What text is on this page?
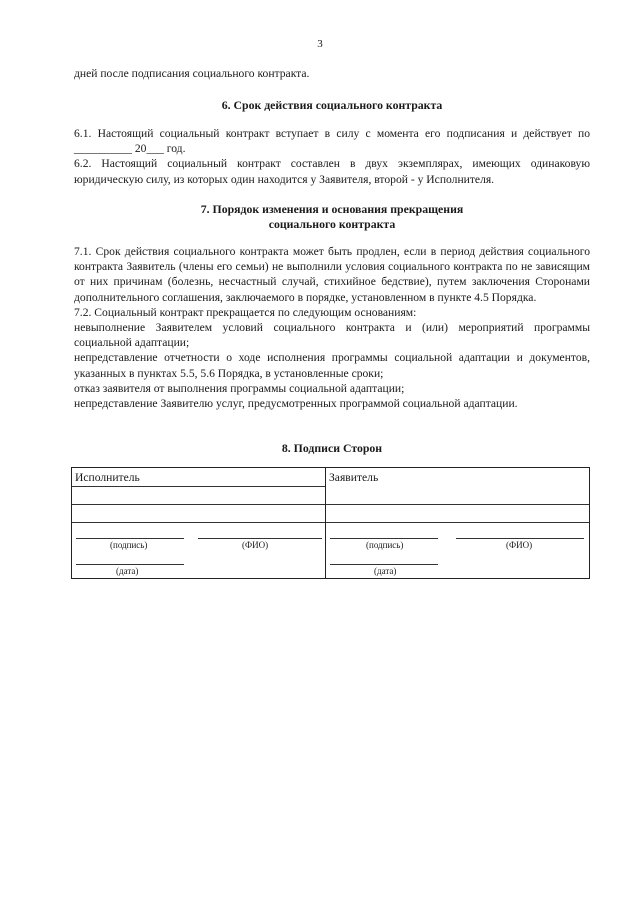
3

дней после подписания социального контракта.

6. Срок действия социального контракта

6.1. Настоящий социальный контракт вступает в силу с момента его подписания и действует по __________ 20___ год.

6.2. Настоящий социальный контракт составлен в двух экземплярах, имеющих одинаковую юридическую силу, из которых один находится у Заявителя, второй - у Исполнителя.

7. Порядок изменения и основания прекращения
социального контракта

7.1. Срок действия социального контракта может быть продлен, если в период действия социального контракта Заявитель (члены его семьи) не выполнили условия социального контракта по не зависящим от них причинам (болезнь, несчастный случай, стихийное бедствие), путем заключения Сторонами дополнительного соглашения, заключаемого в порядке, установленном в пункте 4.5 Порядка.

7.2. Социальный контракт прекращается по следующим основаниям:

невыполнение Заявителем условий социального контракта и (или) мероприятий программы социальной адаптации;

непредставление отчетности о ходе исполнения программы социальной адаптации и документов, указанных в пунктах 5.5, 5.6 Порядка, в установленные сроки;

отказ заявителя от выполнения программы социальной адаптации;

непредставление Заявителю услуг, предусмотренных программой социальной адаптации.

8. Подписи Сторон
Исполнитель
(подпись)	(ФИО)
(дата)
Заявитель
(подпись)	(ФИО)
(дата)
